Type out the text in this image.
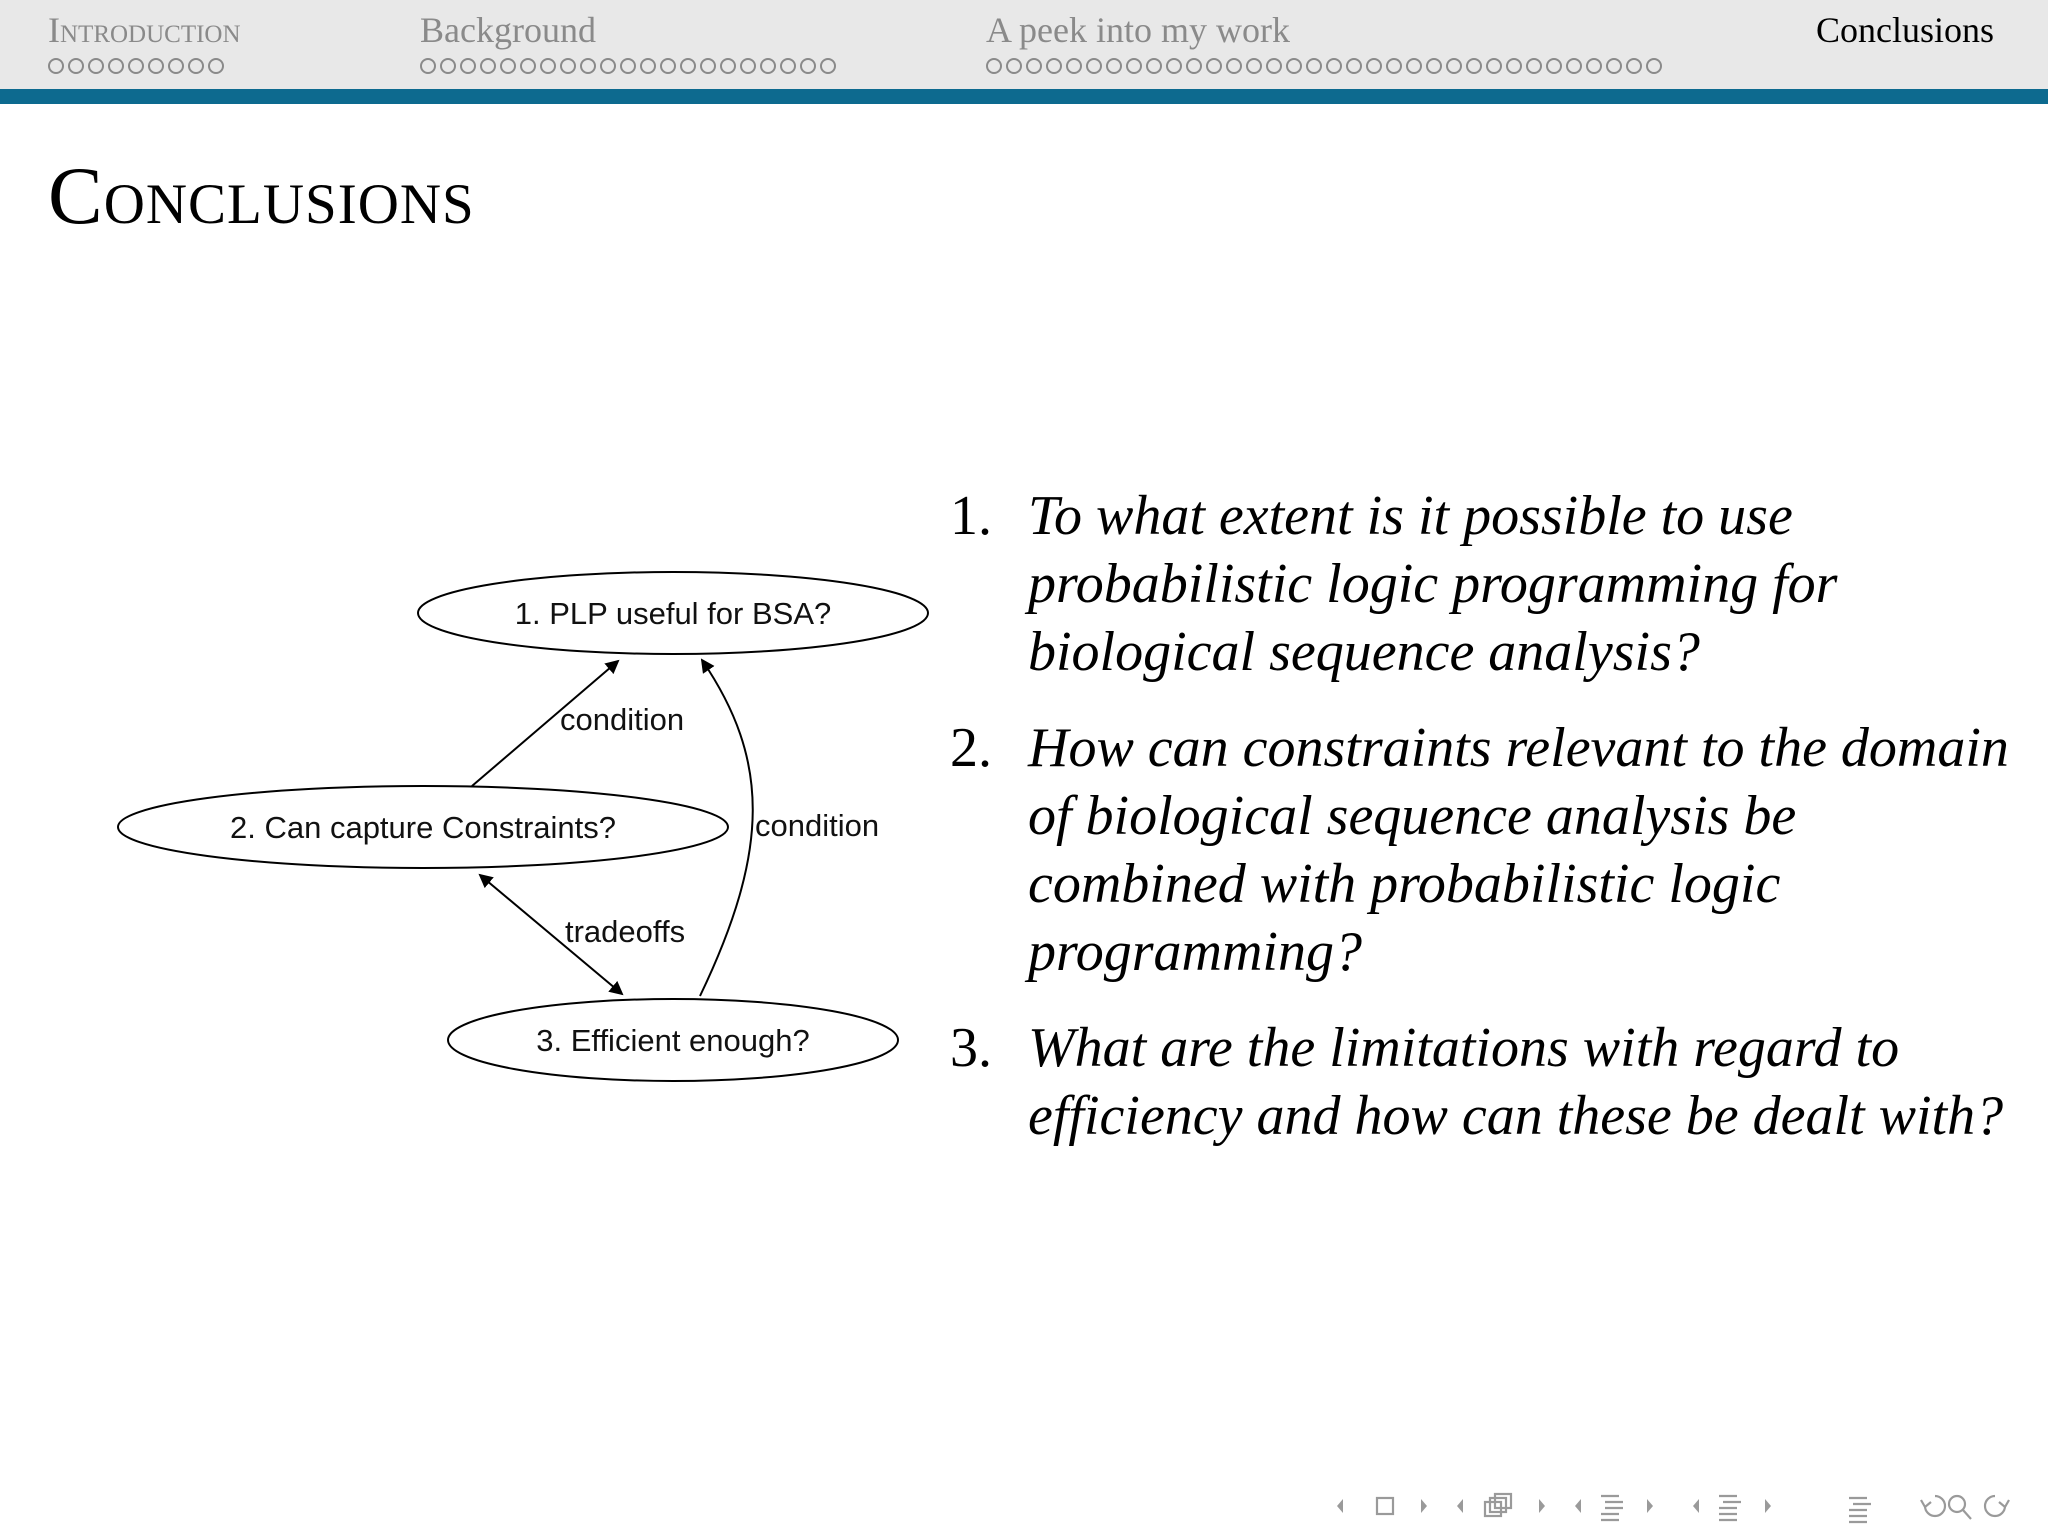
Introduction	Background	A peek into my work	Conclusions
Conclusions
1. PLP useful for BSA?
2. Can capture Constraints?
3. Efficient enough?
condition
condition
tradeoffs
1. To what extent is it possible to use probabilistic logic programming for biological sequence analysis?
2. How can constraints relevant to the domain of biological sequence analysis be combined with probabilistic logic programming?
3. What are the limitations with regard to efficiency and how can these be dealt with?
